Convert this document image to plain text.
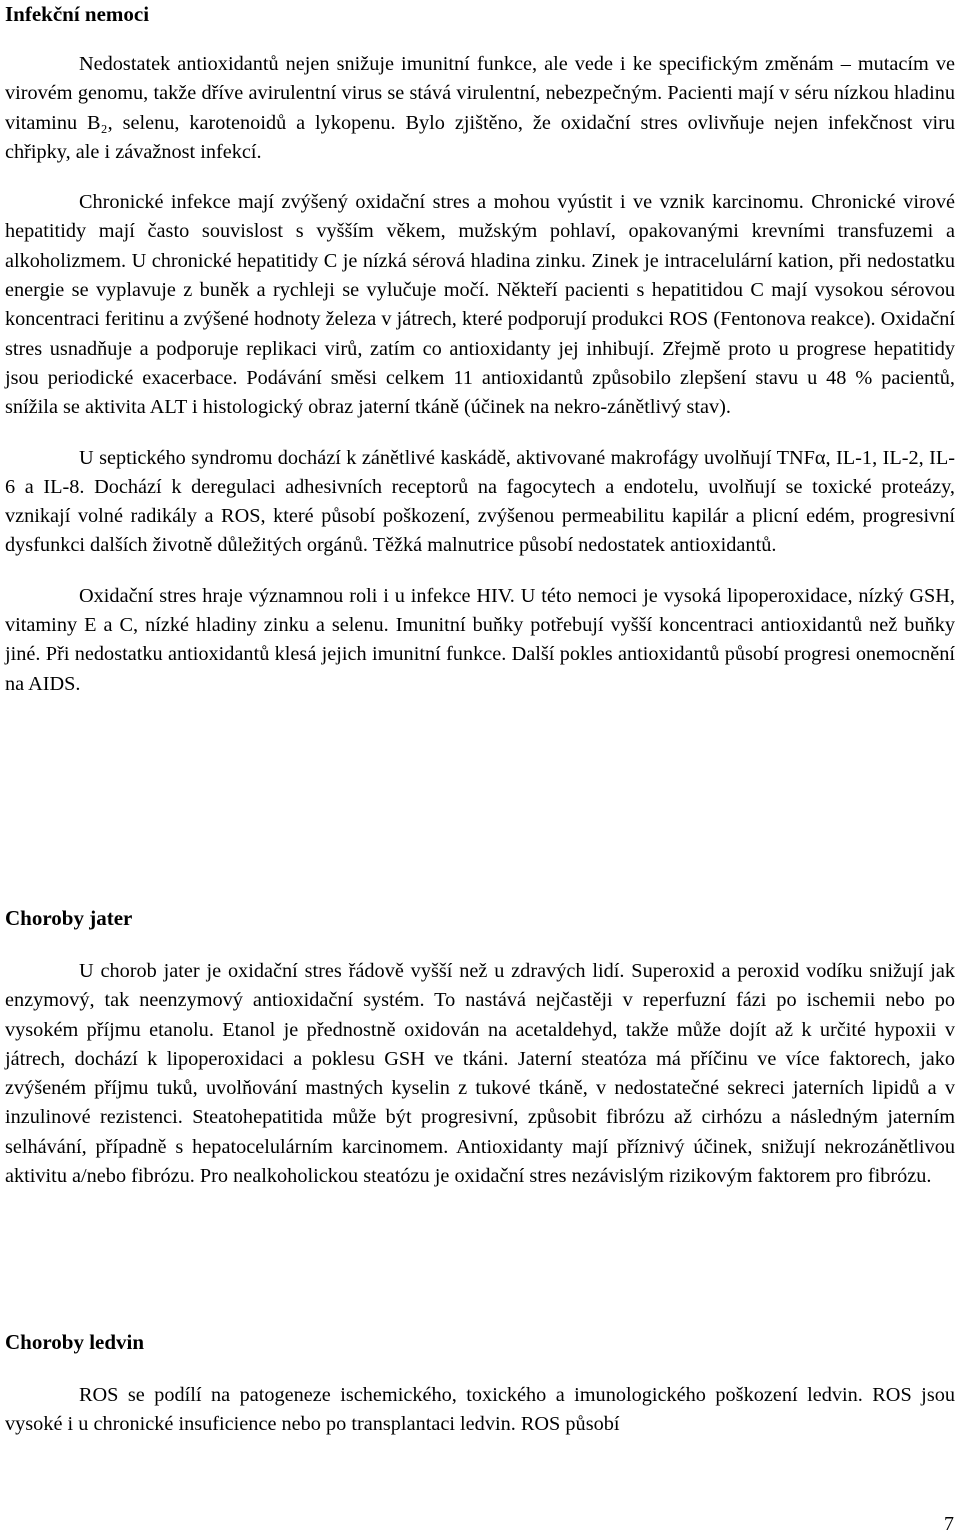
Infekční nemoci

Nedostatek antioxidantů nejen snižuje imunitní funkce, ale vede i ke specifickým změnám – mutacím ve virovém genomu, takže dříve avirulentní virus se stává virulentní, nebezpečným. Pacienti mají v séru nízkou hladinu vitaminu B₂, selenu, karotenoidů a lykopenu. Bylo zjištěno, že oxidační stres ovlivňuje nejen infekčnost viru chřipky, ale i závažnost infekcí.

Chronické infekce mají zvýšený oxidační stres a mohou vyústit i ve vznik karcinomu. Chronické virové hepatitidy mají často souvislost s vyšším věkem, mužským pohlaví, opakovanými krevními transfuzemi a alkoholizmem. U chronické hepatitidy C je nízká sérová hladina zinku. Zinek je intracelulární kation, při nedostatku energie se vyplavuje z buněk a rychleji se vylučuje močí. Někteří pacienti s hepatitidou C mají vysokou sérovou koncentraci feritinu a zvýšené hodnoty železa v játrech, které podporují produkci ROS (Fentonova reakce). Oxidační stres usnadňuje a podporuje replikaci virů, zatím co antioxidanty jej inhibují. Zřejmě proto u progrese hepatitidy jsou periodické exacerbace. Podávání směsi celkem 11 antioxidantů způsobilo zlepšení stavu u 48 % pacientů, snížila se aktivita ALT i histologický obraz jaterní tkáně (účinek na nekro-zánětlivý stav).

U septického syndromu dochází k zánětlivé kaskádě, aktivované makrofágy uvolňují TNFα, IL-1, IL-2, IL-6 a IL-8. Dochází k deregulaci adhesivních receptorů na fagocytech a endotelu, uvolňují se toxické proteázy, vznikají volné radikály a ROS, které působí poškození, zvýšenou permeabilitu kapilár a plicní edém, progresivní dysfunkci dalších životně důležitých orgánů. Těžká malnutrice působí nedostatek antioxidantů.

Oxidační stres hraje významnou roli i u infekce HIV. U této nemoci je vysoká lipoperoxidace, nízký GSH, vitaminy E a C, nízké hladiny zinku a selenu. Imunitní buňky potřebují vyšší koncentraci antioxidantů než buňky jiné. Při nedostatku antioxidantů klesá jejich imunitní funkce. Další pokles antioxidantů působí progresi onemocnění na AIDS.

Choroby jater

U chorob jater je oxidační stres řádově vyšší než u zdravých lidí. Superoxid a peroxid vodíku snižují jak enzymový, tak neenzymový antioxidační systém. To nastává nejčastěji v reperfuzní fázi po ischemii nebo po vysokém příjmu etanolu. Etanol je přednostně oxidován na acetaldehyd, takže může dojít až k určité hypoxii v játrech, dochází k lipoperoxidaci a poklesu GSH ve tkáni. Jaterní steatóza má příčinu ve více faktorech, jako zvýšeném příjmu tuků, uvolňování mastných kyselin z tukové tkáně, v nedostatečné sekreci jaterních lipidů a v inzulinové rezistenci. Steatohepatitida může být progresivní, způsobit fibrózu až cirhózu a následným jaterním selhávání, případně s hepatocelulárním karcinomem. Antioxidanty mají příznivý účinek, snižují nekrozánětlivou aktivitu a/nebo fibrózu. Pro nealkoholickou steatózu je oxidační stres nezávislým rizikovým faktorem pro fibrózu.

Choroby ledvin

ROS se podílí na patogeneze ischemického, toxického a imunologického poškození ledvin. ROS jsou vysoké i u chronické insuficience nebo po transplantaci ledvin. ROS působí

7
